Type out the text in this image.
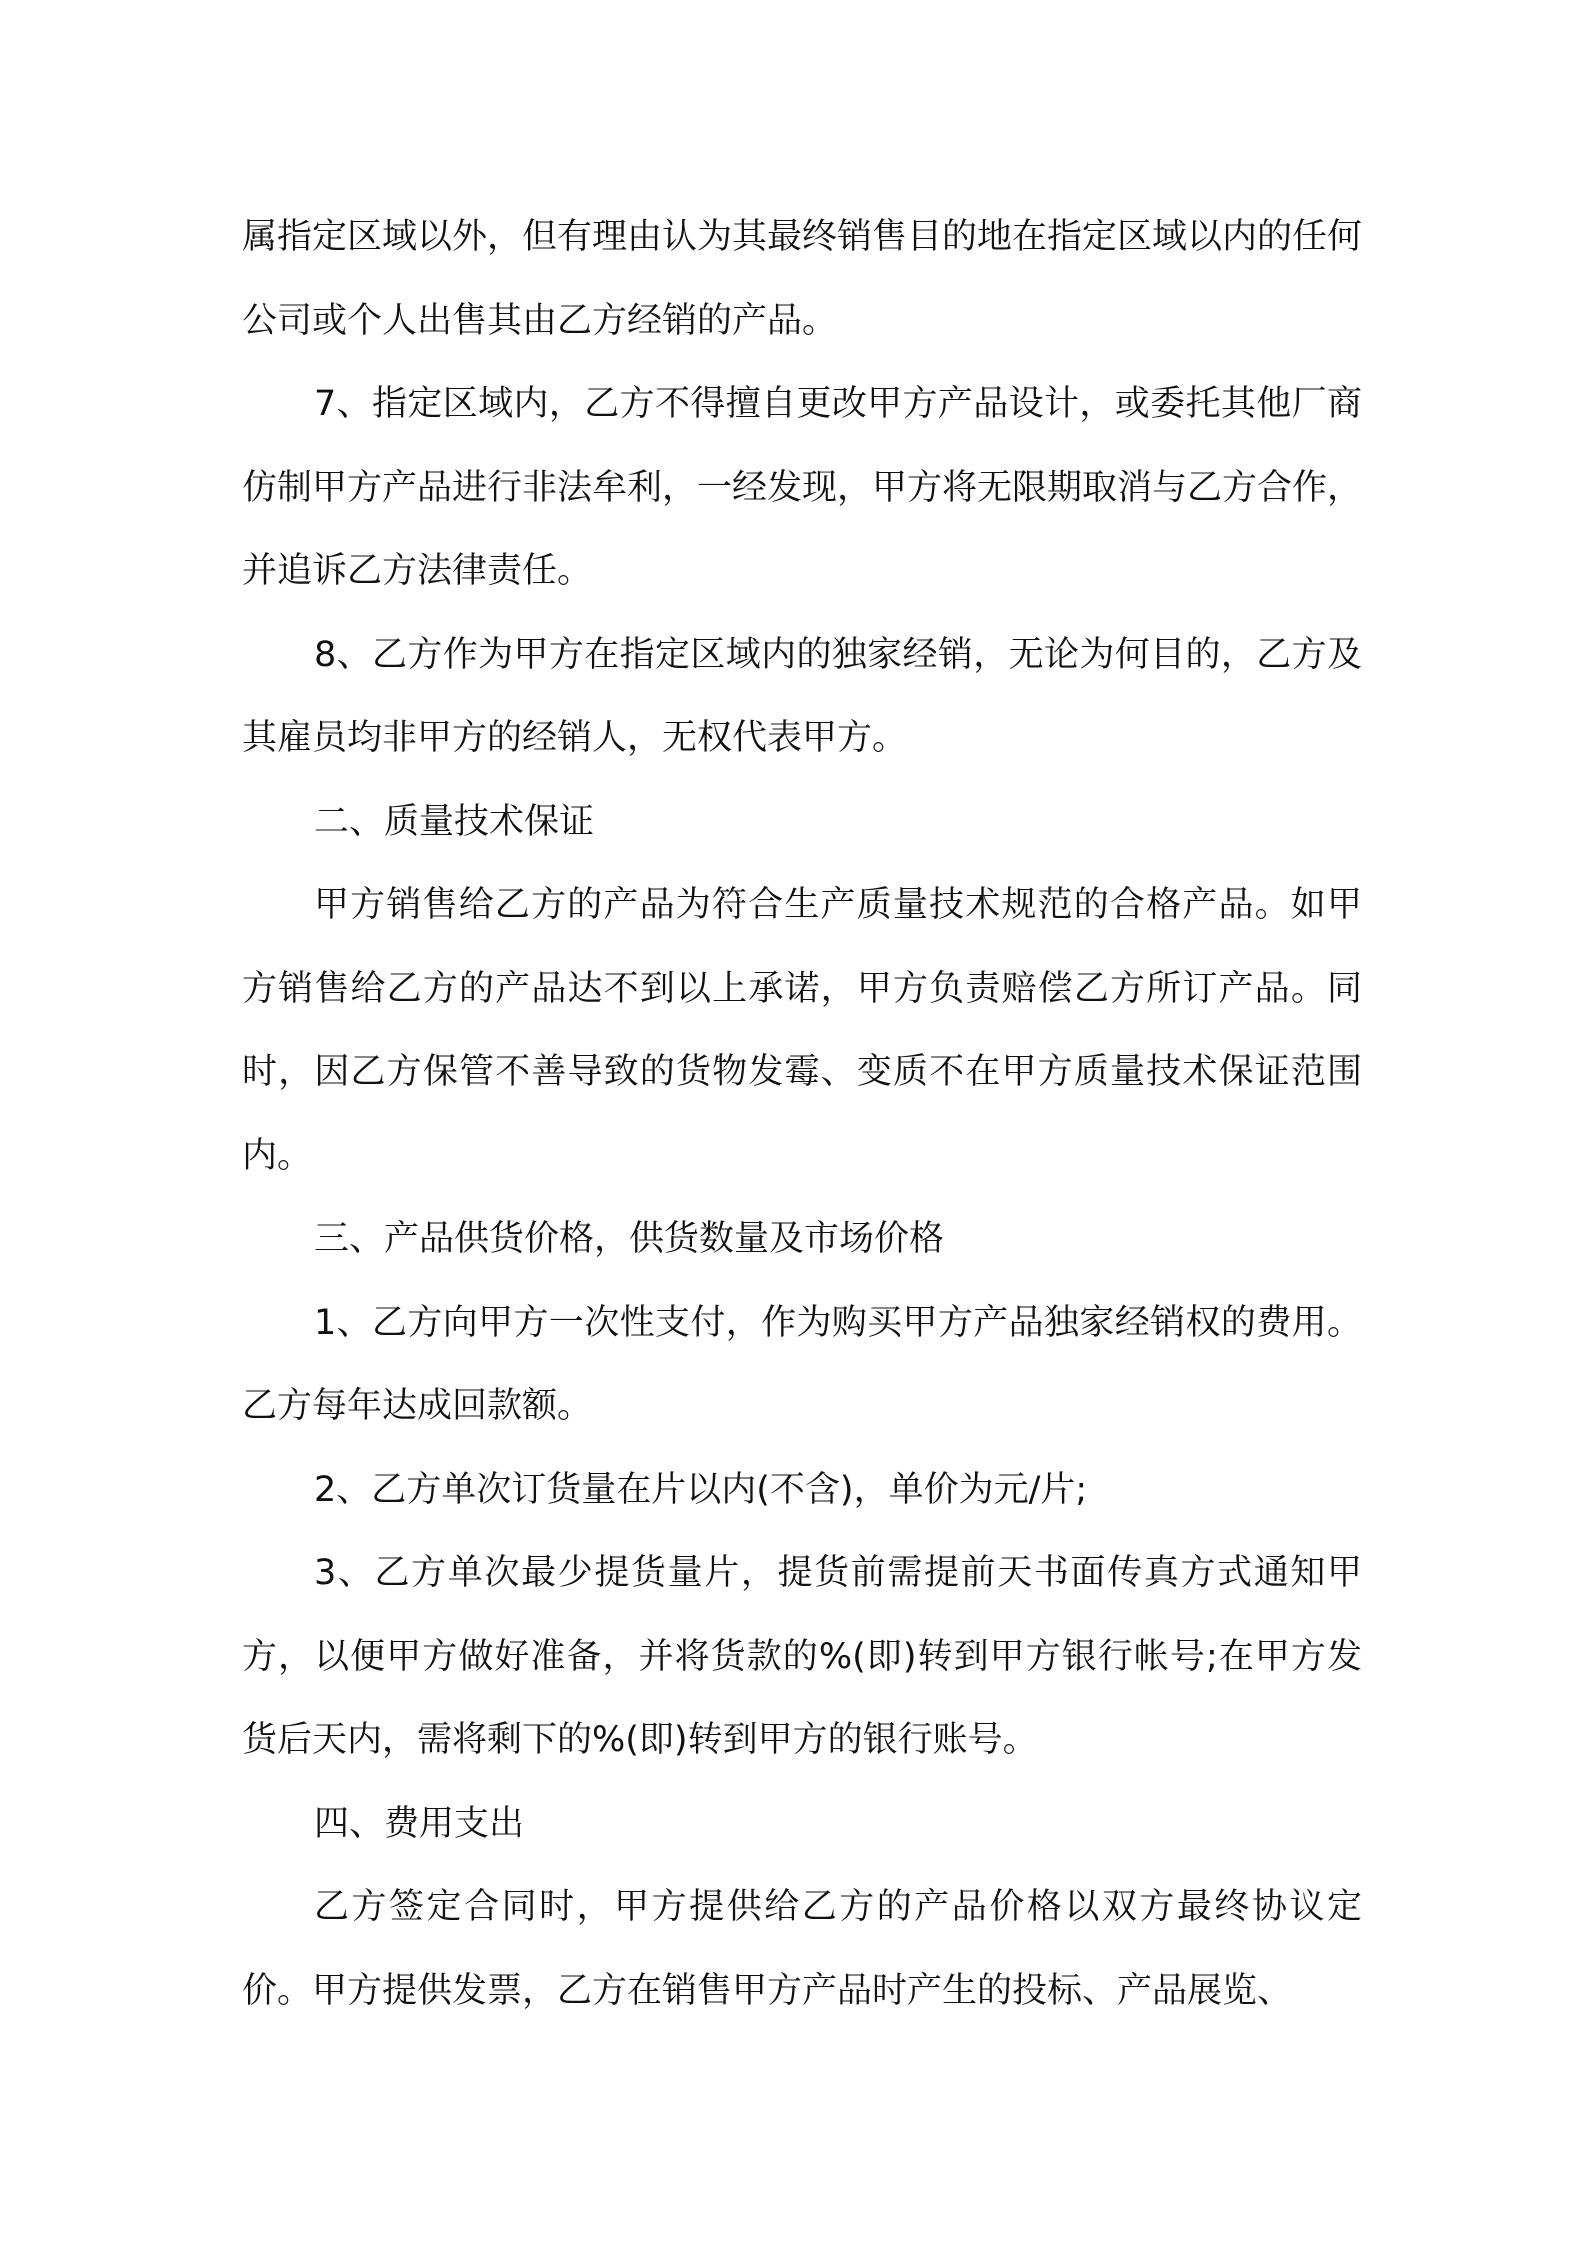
属指定区域以外，但有理由认为其最终销售目的地在指定区域以内的任何公司或个人出售其由乙方经销的产品。

7、指定区域内，乙方不得擅自更改甲方产品设计，或委托其他厂商仿制甲方产品进行非法牟利，一经发现，甲方将无限期取消与乙方合作，并追诉乙方法律责任。

8、乙方作为甲方在指定区域内的独家经销，无论为何目的，乙方及其雇员均非甲方的经销人，无权代表甲方。

二、质量技术保证

甲方销售给乙方的产品为符合生产质量技术规范的合格产品。如甲方销售给乙方的产品达不到以上承诺，甲方负责赔偿乙方所订产品。同时，因乙方保管不善导致的货物发霉、变质不在甲方质量技术保证范围内。

三、产品供货价格，供货数量及市场价格

1、乙方向甲方一次性支付，作为购买甲方产品独家经销权的费用。乙方每年达成回款额。

2、乙方单次订货量在片以内(不含)，单价为元/片;

3、乙方单次最少提货量片，提货前需提前天书面传真方式通知甲方，以便甲方做好准备，并将货款的%(即)转到甲方银行帐号;在甲方发货后天内，需将剩下的%(即)转到甲方的银行账号。

四、费用支出

乙方签定合同时，甲方提供给乙方的产品价格以双方最终协议定价。甲方提供发票，乙方在销售甲方产品时产生的投标、产品展览、
